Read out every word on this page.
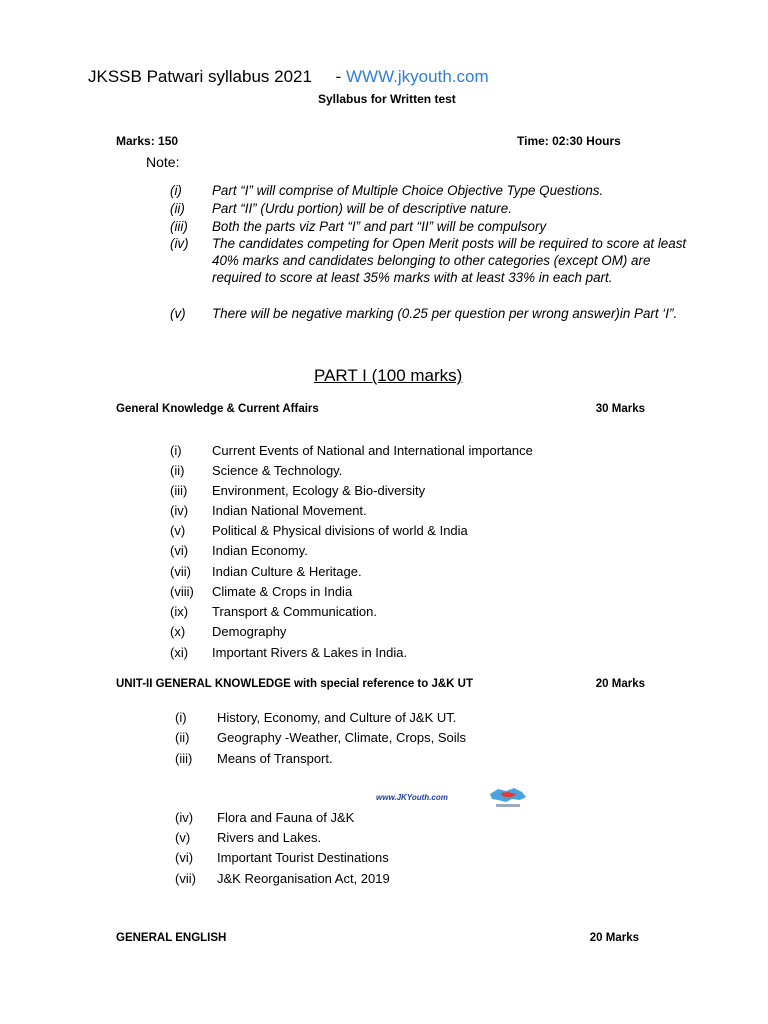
JKSSB Patwari syllabus 2021 - WWW.jkyouth.com
Syllabus for Written test
Marks: 150	Time: 02:30 Hours
Note:
(i) Part “I” will comprise of Multiple Choice Objective Type Questions.
(ii) Part “II” (Urdu portion) will be of descriptive nature.
(iii) Both the parts viz Part “I” and part “II” will be compulsory
(iv) The candidates competing for Open Merit posts will be required to score at least 40% marks and candidates belonging to other categories (except OM) are required to score at least 35% marks with at least 33% in each part.
(v) There will be negative marking (0.25 per question per wrong answer)in Part ‘I”.
PART I (100 marks)
General Knowledge & Current Affairs	30 Marks
(i) Current Events of National and International importance
(ii) Science & Technology.
(iii) Environment, Ecology & Bio-diversity
(iv) Indian National Movement.
(v) Political & Physical divisions of world & India
(vi) Indian Economy.
(vii) Indian Culture & Heritage.
(viii) Climate & Crops in India
(ix) Transport & Communication.
(x) Demography
(xi) Important Rivers & Lakes in India.
UNIT-II GENERAL KNOWLEDGE with special reference to J&K UT	20 Marks
(i) History, Economy, and Culture of J&K UT.
(ii) Geography -Weather, Climate, Crops, Soils
(iii) Means of Transport.
www.JKYouth.com
(iv) Flora and Fauna of J&K
(v) Rivers and Lakes.
(vi) Important Tourist Destinations
(vii) J&K Reorganisation Act, 2019
GENERAL ENGLISH	20 Marks
